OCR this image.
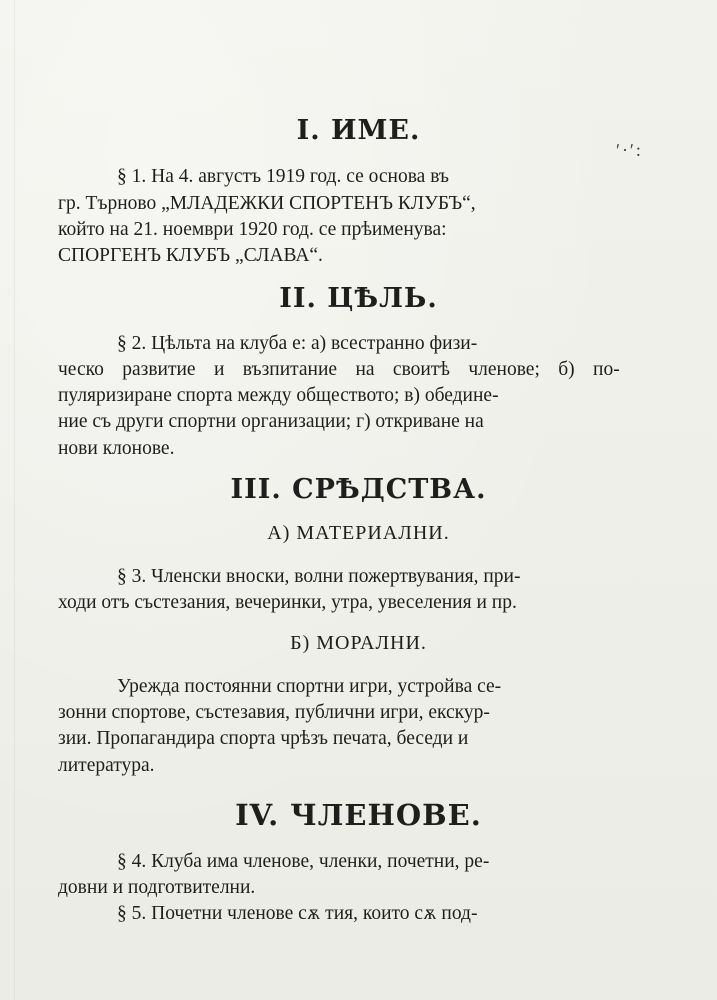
ʹ·ʹ:
I. ИМЕ.
§ 1. На 4. августъ 1919 год. се основа въ
гр. Търново „МЛАДЕЖКИ СПОРТЕНЪ КЛУБЪ“,
който на 21. ноември 1920 год. се прѣименува:
СПОРГЕНЪ КЛУБЪ „СЛАВА“.
II. ЦѢЛЬ.
§ 2. Цѣльта на клуба е: а) всестранно физи-
ческо развитие и възпитание на своитѣ членове; б) по-
пуляризиране спорта между обществото; в) обедине-
ние съ други спортни организации; г) откриване на
нови клонове.
III. СРѢДСТВА.
А) МАТЕРИАЛНИ.
§ 3. Членски вноски, волни пожертвувания, при-
ходи отъ състезания, вечеринки, утра, увеселения и пр.
Б) МОРАЛНИ.
Урежда постоянни спортни игри, устройва се-
зонни спортове, състезавия, публични игри, екскур-
зии. Пропагандира спорта чрѣзъ печата, беседи и
литература.
IV. ЧЛЕНОВЕ.
§ 4. Клуба има членове, членки, почетни, ре-
довни и подготвителни.
§ 5. Почетни членове сѫ тия, които сѫ под-
